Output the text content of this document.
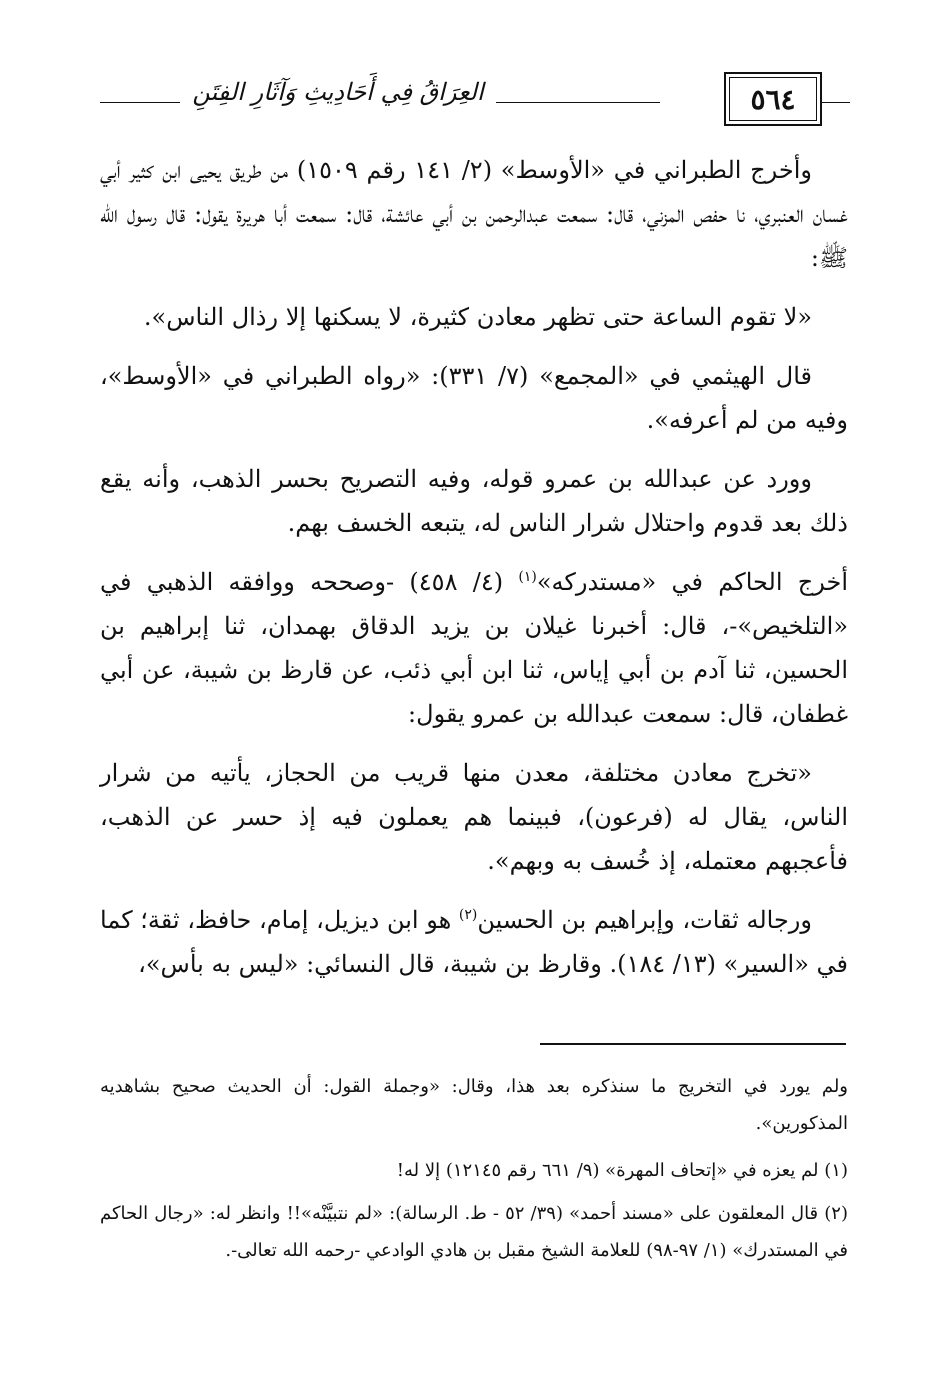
العِرَاقُ فِي أَحَادِيثِ وَآثَارِ الفِتَنِ	٥٦٤

وأخرج الطبراني في «الأوسط» (٢/ ١٤١ رقم ١٥٠٩) من طريق يحيى ابن كثير أبي غسان العنبري، نا حفص المزني، قال: سمعت عبدالرحمن بن أبي عائشة، قال: سمعت أبا هريرة يقول: قال رسول الله ﷺ:

«لا تقوم الساعة حتى تظهر معادن كثيرة، لا يسكنها إلا رذال الناس».

قال الهيثمي في «المجمع» (٧/ ٣٣١): «رواه الطبراني في «الأوسط»، وفيه من لم أعرفه».

وورد عن عبدالله بن عمرو قوله، وفيه التصريح بحسر الذهب، وأنه يقع ذلك بعد قدوم واحتلال شرار الناس له، يتبعه الخسف بهم.

أخرج الحاكم في «مستدركه»$^{(١)}$ (٤/ ٤٥٨) -وصححه ووافقه الذهبي في «التلخيص»-، قال: أخبرنا غيلان بن يزيد الدقاق بهمدان، ثنا إبراهيم بن الحسين، ثنا آدم بن أبي إياس، ثنا ابن أبي ذئب، عن قارظ بن شيبة، عن أبي غطفان، قال: سمعت عبدالله بن عمرو يقول:

«تخرج معادن مختلفة، معدن منها قريب من الحجاز، يأتيه من شرار الناس، يقال له (فرعون)، فبينما هم يعملون فيه إذ حسر عن الذهب، فأعجبهم معتمله، إذ خُسف به وبهم».

ورجاله ثقات، وإبراهيم بن الحسين$^{(٢)}$ هو ابن ديزيل، إمام، حافظ، ثقة؛ كما في «السير» (١٣/ ١٨٤). وقارظ بن شيبة، قال النسائي: «ليس به بأس»،

ولم يورد في التخريج ما سنذكره بعد هذا، وقال: «وجملة القول: أن الحديث صحيح بشاهديه المذكورين».

(١) لم يعزه في «إتحاف المهرة» (٩/ ٦٦١ رقم ١٢١٤٥) إلا له!

(٢) قال المعلقون على «مسند أحمد» (٣٩/ ٥٢ - ط. الرسالة): «لم نتبيَّنْه»!! وانظر له: «رجال الحاكم في المستدرك» (١/ ٩٧-٩٨) للعلامة الشيخ مقبل بن هادي الوادعي -رحمه الله تعالى-.
